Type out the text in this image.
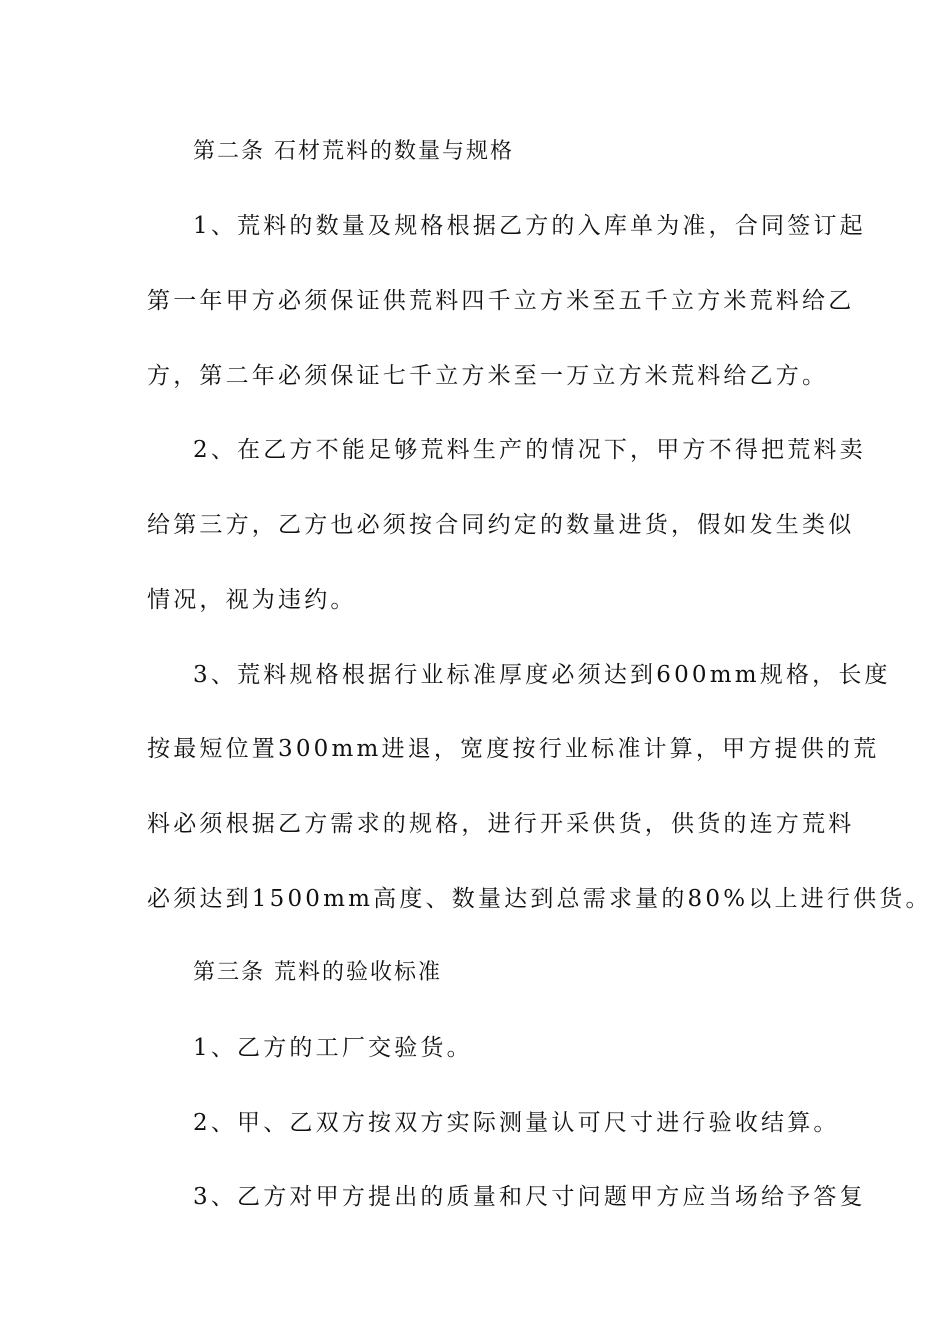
第二条 石材荒料的数量与规格
1、荒料的数量及规格根据乙方的入库单为准，合同签订起
第一年甲方必须保证供荒料四千立方米至五千立方米荒料给乙
方，第二年必须保证七千立方米至一万立方米荒料给乙方。
2、在乙方不能足够荒料生产的情况下，甲方不得把荒料卖
给第三方，乙方也必须按合同约定的数量进货，假如发生类似
情况，视为违约。
3、荒料规格根据行业标准厚度必须达到600mm规格，长度
按最短位置300mm进退，宽度按行业标准计算，甲方提供的荒
料必须根据乙方需求的规格，进行开采供货，供货的连方荒料
必须达到1500mm高度、数量达到总需求量的80%以上进行供货。
第三条 荒料的验收标准
1、乙方的工厂交验货。
2、甲、乙双方按双方实际测量认可尺寸进行验收结算。
3、乙方对甲方提出的质量和尺寸问题甲方应当场给予答复
